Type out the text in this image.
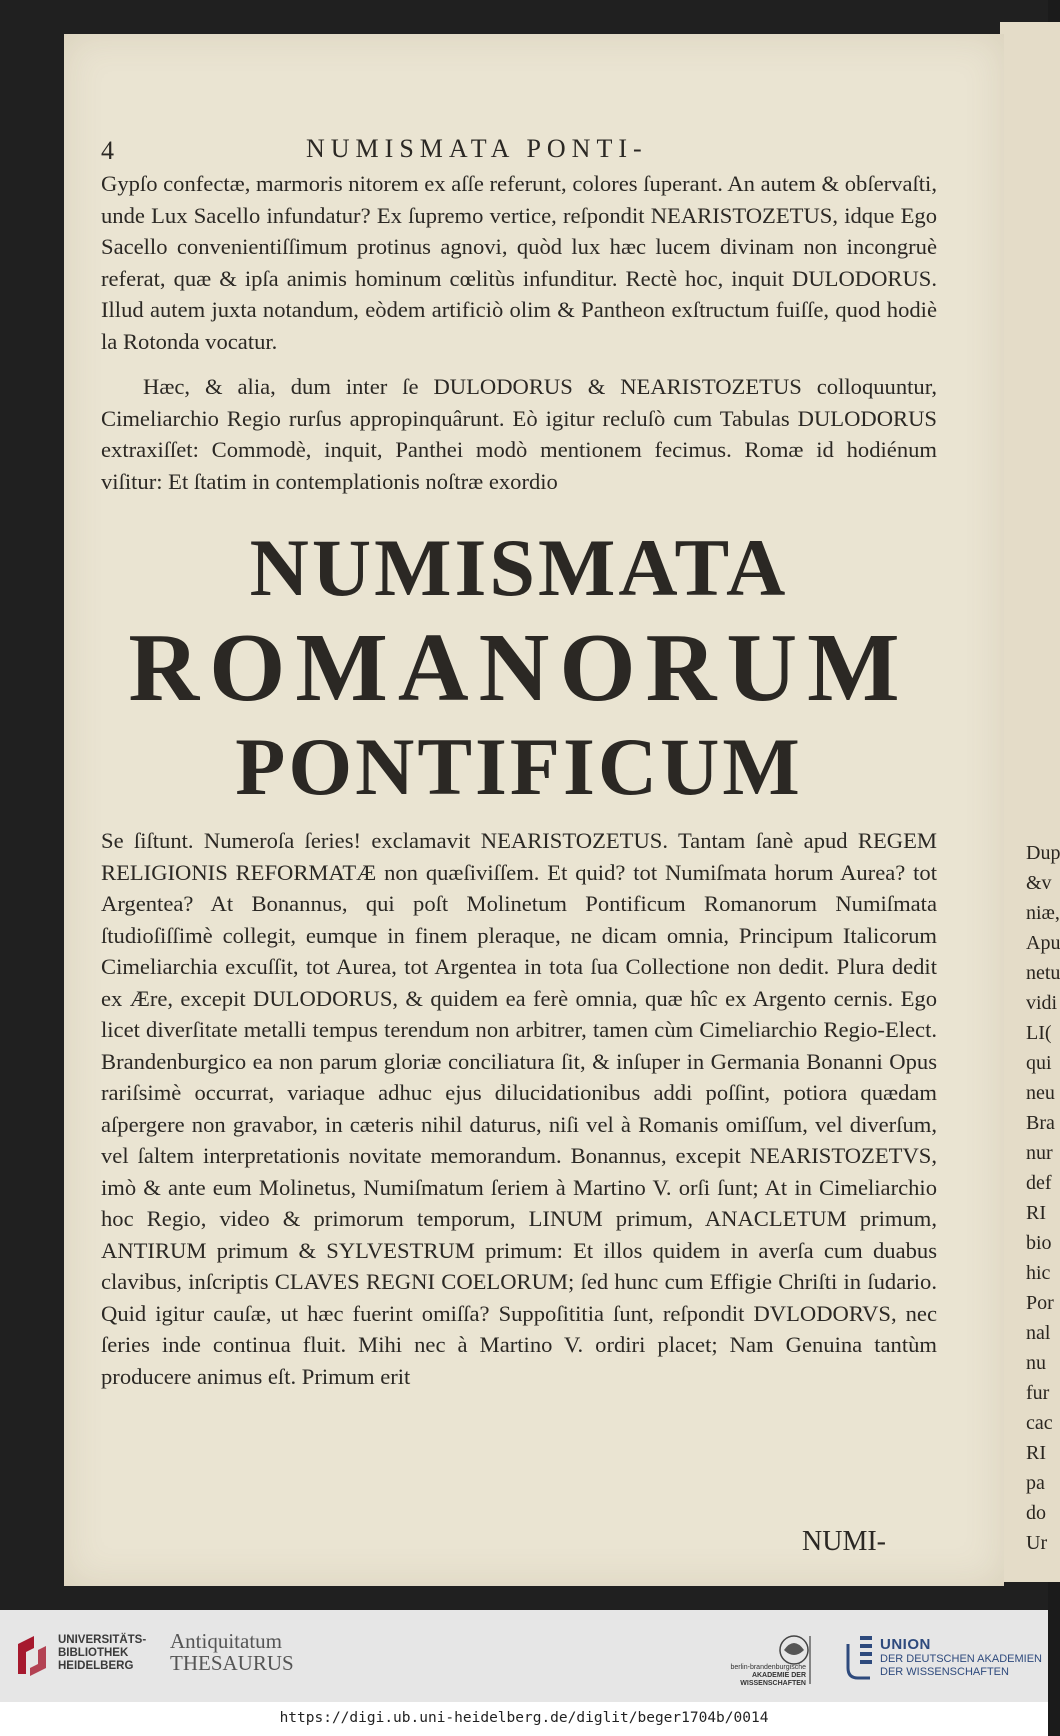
Dup
&v
niæ,
Apu
netu
vidi
LI(
qui
neu
Bra
nur
def
RI
bio
hic
Por
nal
nu
fur
cac
RI
pa
do
Ur
4	NUMISMATA PONTI-

Gypſo confectæ, marmoris nitorem ex aſſe referunt, colores ſuperant. An autem & obſervaſti, unde Lux Sacello infundatur? Ex ſupremo vertice, reſpondit NEARISTOZETUS, idque Ego Sacello convenientiſſimum protinus agnovi, quòd lux hæc lucem divinam non incongruè referat, quæ & ipſa animis hominum cœlitùs infunditur. Rectè hoc, inquit DULODORUS. Illud autem juxta notandum, eòdem artificiò olim & Pantheon exſtructum fuiſſe, quod hodiè la Rotonda vocatur.

Hæc, & alia, dum inter ſe DULODORUS & NEARISTOZETUS colloquuntur, Cimeliarchio Regio rurſus appropinquârunt. Eò igitur recluſò cum Tabulas DULODORUS extraxiſſet: Commodè, inquit, Panthei modò mentionem fecimus. Romæ id hodiénum viſitur: Et ſtatim in contemplationis noſtræ exordio

NUMISMATA
ROMANORUM
PONTIFICUM

Se ſiſtunt. Numeroſa ſeries! exclamavit NEARISTOZETUS. Tantam ſanè apud REGEM RELIGIONIS REFORMATÆ non quæſiviſſem. Et quid? tot Numiſmata horum Aurea? tot Argentea? At Bonannus, qui poſt Molinetum Pontificum Romanorum Numiſmata ſtudioſiſſimè collegit, eumque in finem pleraque, ne dicam omnia, Principum Italicorum Cimeliarchia excuſſit, tot Aurea, tot Argentea in tota ſua Collectione non dedit. Plura dedit ex Ære, excepit DULODORUS, & quidem ea ferè omnia, quæ hîc ex Argento cernis. Ego licet diverſitate metalli tempus terendum non arbitrer, tamen cùm Cimeliarchio Regio-Elect. Brandenburgico ea non parum gloriæ conciliatura ſit, & inſuper in Germania Bonanni Opus rariſsimè occurrat, variaque adhuc ejus dilucidationibus addi poſſint, potiora quædam aſpergere non gravabor, in cæteris nihil daturus, niſi vel à Romanis omiſſum, vel diverſum, vel ſaltem interpretationis novitate memorandum. Bonannus, excepit NEARISTOZETVS, imò & ante eum Molinetus, Numiſmatum ſeriem à Martino V. orſi ſunt; At in Cimeliarchio hoc Regio, video & primorum temporum, LINUM primum, ANACLETUM primum, ANTIRUM primum & SYLVESTRUM primum: Et illos quidem in averſa cum duabus clavibus, inſcriptis CLAVES REGNI COELORUM; ſed hunc cum Effigie Chriſti in ſudario. Quid igitur cauſæ, ut hæc fuerint omiſſa? Suppoſititia ſunt, reſpondit DVLODORVS, nec ſeries inde continua fluit. Mihi nec à Martino V. ordiri placet; Nam Genuina tantùm producere animus eſt. Primum erit

NUMI-
UNIVERSITÄTS-
BIBLIOTHEK
HEIDELBERG
Antiquitatum
THESAURUS	berlin-brandenburgische
AKADEMIE DER WISSENSCHAFTEN
UNION
DER DEUTSCHEN AKADEMIEN
DER WISSENSCHAFTEN
https://digi.ub.uni-heidelberg.de/diglit/beger1704b/0014
